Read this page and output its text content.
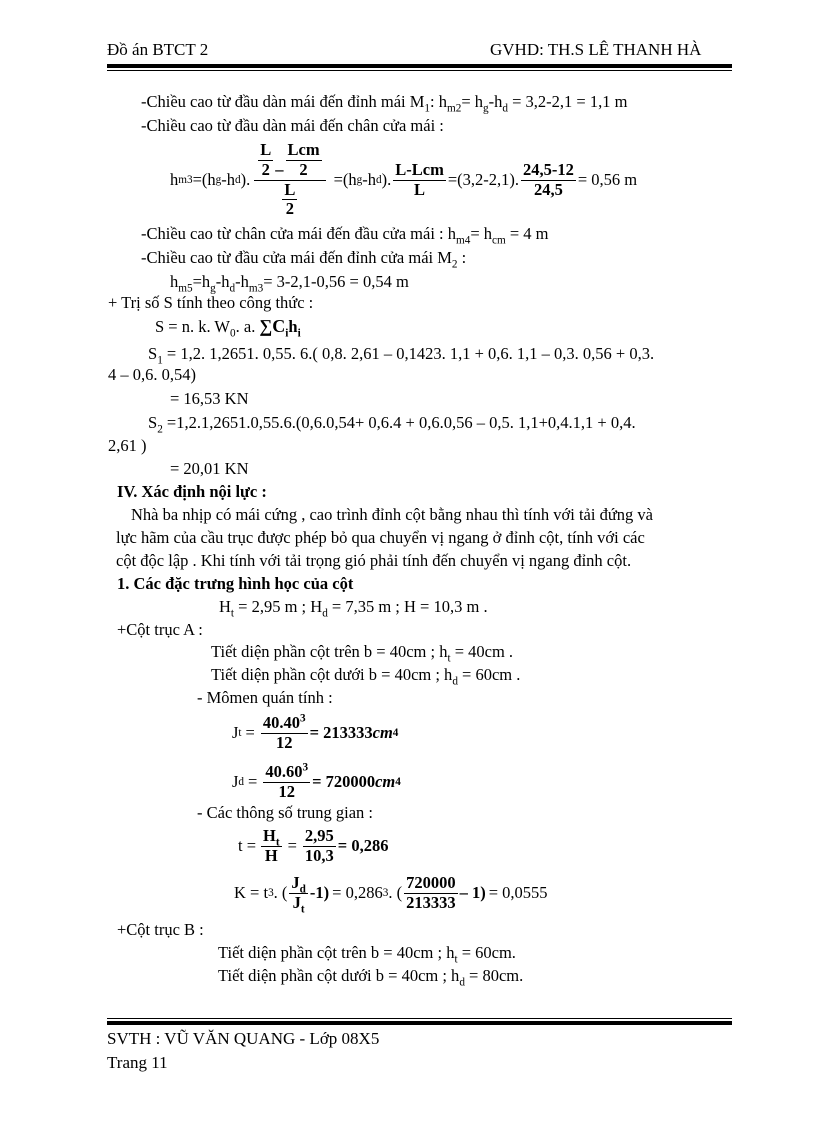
Đồ án BTCT 2	GVHD: TH.S LÊ THANH HÀ
-Chiều cao từ đầu dàn mái đến đỉnh mái $M_1$: $h_{m2}= h_g-h_d = 3,2-2,1 = 1,1$ m
-Chiều cao từ đầu dàn mái đến chân cửa mái :
h m3 =(h g -h d ). $\frac{\frac{L}{2} - \frac{\text{Lcm}}{2}}{\frac{L}{2}} =(h$ g -h d ). $\frac{\text{L-Lcm}}{L} =(3,2-2,1)$. $\frac{24,5-12}{24,5} = 0,56$ m
-Chiều cao từ chân cửa mái đến đầu cửa mái : $h_{m4}= h_{cm} = 4$ m
-Chiều cao từ đầu cửa mái đến đỉnh cửa mái $M_2$ :
$h_{m5}=h_g-h_d-h_{m3}= 3-2,1-0,56 = 0,54$ m
+ Trị số S tính theo công thức :
S = n. k. $W_0$. a. $\sum C_ih_i$
$S_1 = 1,2$. 1,2651. 0,55. 6.( 0,8. 2,61 – 0,1423. 1,1 + 0,6. 1,1 – 0,3. 0,56 + 0,3.
4 – 0,6. 0,54)
= 16,53 KN
$S_2 =1,2.1,2651.0,55.6.(0,6.0,54+ 0,6.4 + 0,6.0,56 - 0,5$. 1,1+0,4.1,1 + 0,4.
2,61 )
= 20,01 KN
IV. Xác định nội lực :
Nhà ba nhịp có mái cứng , cao trình đỉnh cột bằng nhau thì tính với tải đứng và
lực hãm của cầu trục được phép bỏ qua chuyển vị ngang ở đỉnh cột, tính với các
cột độc lập . Khi tính với tải trọng gió phải tính đến chuyển vị ngang đỉnh cột.
1. Các đặc trưng hình học của cột
$H_t = 2,95$ m ; $H_d = 7,35$ m ; H = 10,3 m .
+Cột trục A :
Tiết diện phần cột trên b = 40cm ; $h_t = 40cm$ .
Tiết diện phần cột dưới b = 40cm ; $h_d = 60cm$ .
- Mômen quán tính :
J $t = \frac{40.40^3}{12} = 213333$ cm 4
J $d = \frac{40.60^3}{12} = 720000$ cm 4
- Các thông số trung gian :
$t = \frac{H_t}{H} = \frac{2,95}{10,3} = 0,286$
K = t 3 . ( $\frac{J_d}{J_t} -1) = 0,286$ 3 . ( $\frac{720000}{213333} - 1) = 0,0555$
+Cột trục B :
Tiết diện phần cột trên b = 40cm ; $h_t = 60cm$.
Tiết diện phần cột dưới b = 40cm ; $h_d = 80cm$.
SVTH : VŨ VĂN QUANG - Lớp 08X5
Trang 11
